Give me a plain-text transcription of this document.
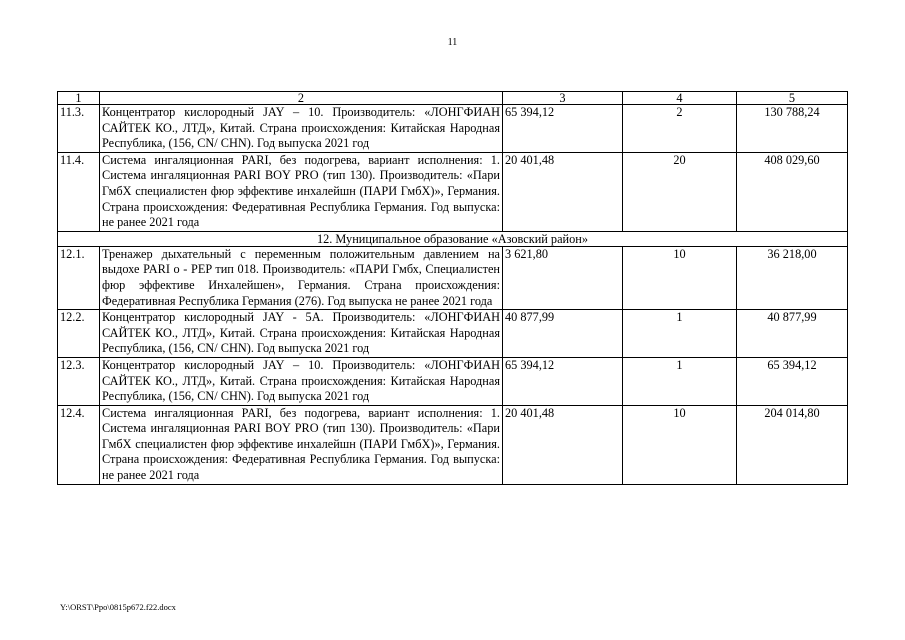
11
1	2	3	4	5
11.3.	Концентратор кислородный JAY – 10. Производитель: «ЛОНГФИАН САЙТЕК КО., ЛТД», Китай. Страна происхождения: Китайская Народная Республика, (156, CN/ CHN). Год выпуска 2021 год	65 394,12	2	130 788,24
11.4.	Система ингаляционная PARI, без подогрева, вариант исполнения: 1. Система ингаляционная PARI BOY PRO (тип 130). Производитель: «Пари ГмбХ специалистен фюр эффективе инхалейшн (ПАРИ ГмбХ)», Германия. Страна происхождения: Федеративная Республика Германия. Год выпуска: не ранее 2021 года	20 401,48	20	408 029,60
12. Муниципальное образование «Азовский район»				
12.1.	Тренажер дыхательный с переменным положительным давлением на выдохе PARI o - PEP тип 018. Производитель: «ПАРИ Гмбх, Специалистен фюр эффективе Инхалейшен», Германия. Страна происхождения: Федеративная Республика Германия (276). Год выпуска не ранее 2021 года	3 621,80	10	36 218,00
12.2.	Концентратор кислородный JAY - 5А. Производитель: «ЛОНГФИАН САЙТЕК КО., ЛТД», Китай. Страна происхождения: Китайская Народная Республика, (156, CN/ CHN). Год выпуска 2021 год	40 877,99	1	40 877,99
12.3.	Концентратор кислородный JAY – 10. Производитель: «ЛОНГФИАН САЙТЕК КО., ЛТД», Китай. Страна происхождения: Китайская Народная Республика, (156, CN/ CHN). Год выпуска 2021 год	65 394,12	1	65 394,12
12.4.	Система ингаляционная PARI, без подогрева, вариант исполнения: 1. Система ингаляционная PARI BOY PRO (тип 130). Производитель: «Пари ГмбХ специалистен фюр эффективе инхалейшн (ПАРИ ГмбХ)», Германия. Страна происхождения: Федеративная Республика Германия. Год выпуска: не ранее 2021 года	20 401,48	10	204 014,80
Y:\ORST\Ppo\0815p672.f22.docx
